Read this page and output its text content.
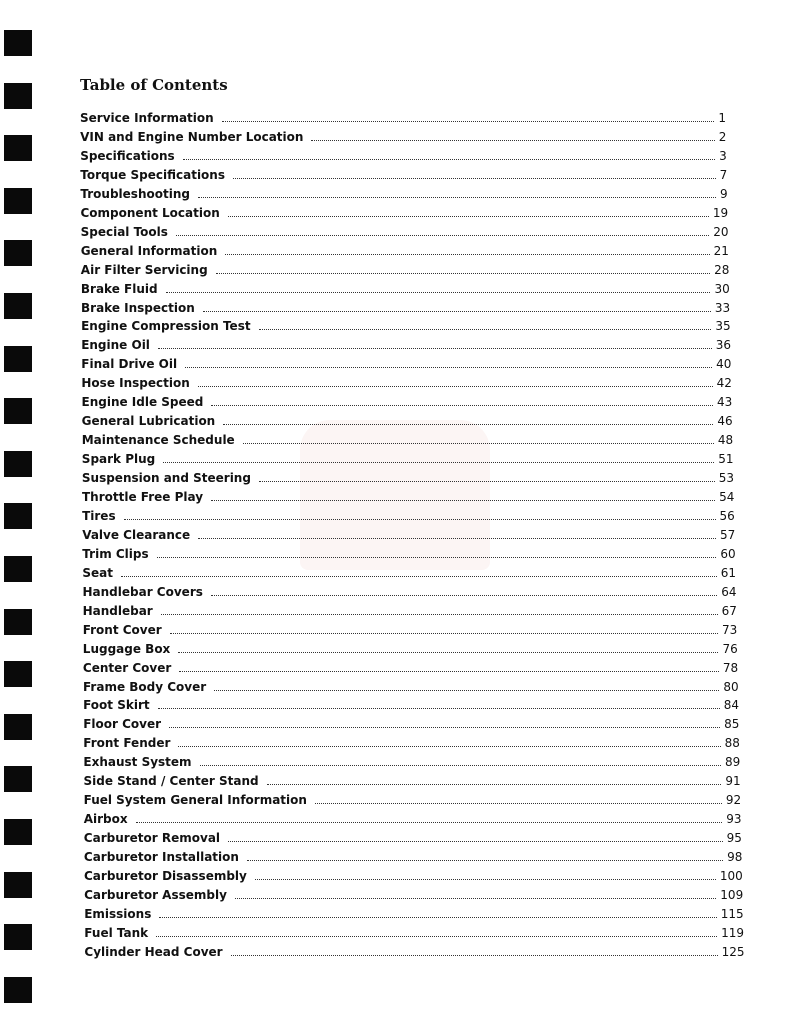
Table of Contents
Service Information	1
VIN and Engine Number Location	2
Specifications	3
Torque Specifications	7
Troubleshooting	9
Component Location	19
Special Tools	20
General Information	21
Air Filter Servicing	28
Brake Fluid	30
Brake Inspection	33
Engine Compression Test	35
Engine Oil	36
Final Drive Oil	40
Hose Inspection	42
Engine Idle Speed	43
General Lubrication	46
Maintenance Schedule	48
Spark Plug	51
Suspension and Steering	53
Throttle Free Play	54
Tires	56
Valve Clearance	57
Trim Clips	60
Seat	61
Handlebar Covers	64
Handlebar	67
Front Cover	73
Luggage Box	76
Center Cover	78
Frame Body Cover	80
Foot Skirt	84
Floor Cover	85
Front Fender	88
Exhaust System	89
Side Stand / Center Stand	91
Fuel System General Information	92
Airbox	93
Carburetor Removal	95
Carburetor Installation	98
Carburetor Disassembly	100
Carburetor Assembly	109
Emissions	115
Fuel Tank	119
Cylinder Head Cover	125
